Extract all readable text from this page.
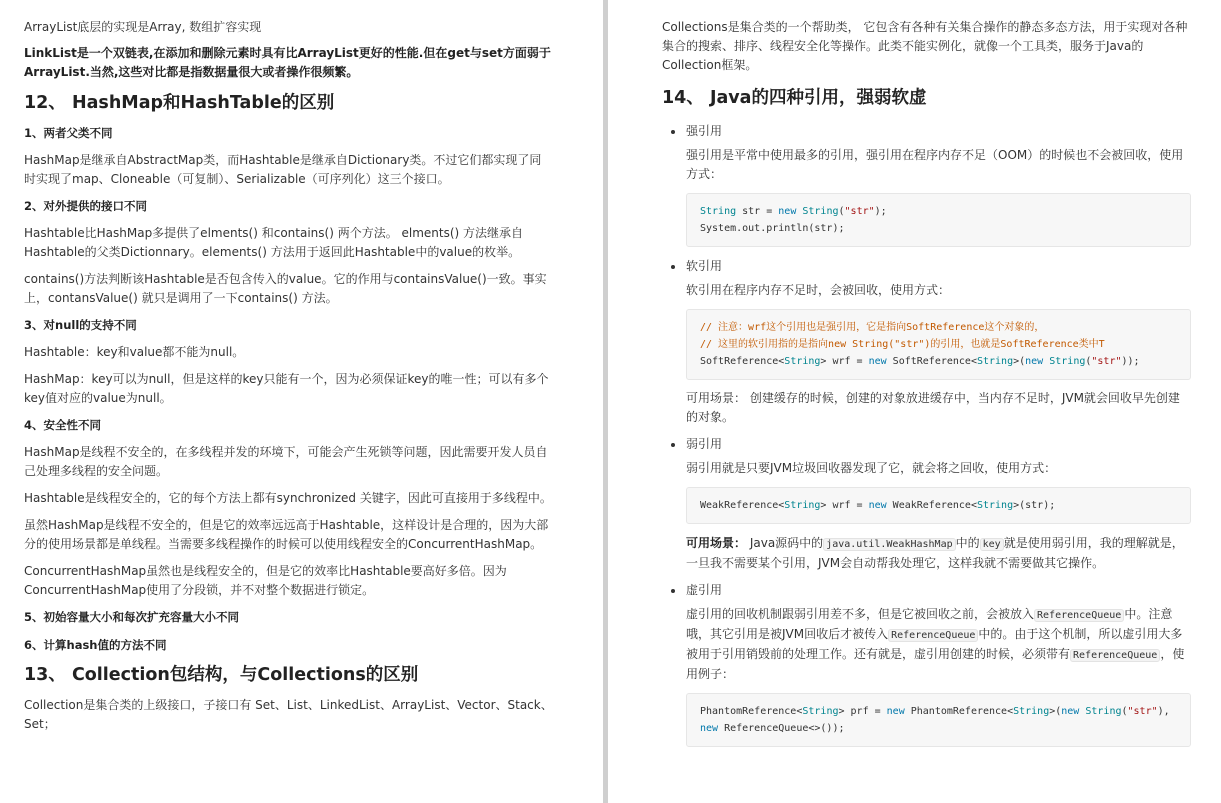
ArrayList底层的实现是Array, 数组扩容实现

LinkList是一个双链表,在添加和删除元素时具有比ArrayList更好的性能.但在get与set方面弱于ArrayList.当然,这些对比都是指数据量很大或者操作很频繁。

12、 HashMap和HashTable的区别
1、两者父类不同

HashMap是继承自AbstractMap类，而Hashtable是继承自Dictionary类。不过它们都实现了同时实现了map、Cloneable（可复制）、Serializable（可序列化）这三个接口。

2、对外提供的接口不同

Hashtable比HashMap多提供了elments() 和contains() 两个方法。 elments() 方法继承自Hashtable的父类Dictionnary。elements() 方法用于返回此Hashtable中的value的枚举。

contains()方法判断该Hashtable是否包含传入的value。它的作用与containsValue()一致。事实上，contansValue() 就只是调用了一下contains() 方法。

3、对null的支持不同

Hashtable：key和value都不能为null。

HashMap：key可以为null，但是这样的key只能有一个，因为必须保证key的唯一性；可以有多个key值对应的value为null。

4、安全性不同

HashMap是线程不安全的，在多线程并发的环境下，可能会产生死锁等问题，因此需要开发人员自己处理多线程的安全问题。

Hashtable是线程安全的，它的每个方法上都有synchronized 关键字，因此可直接用于多线程中。

虽然HashMap是线程不安全的，但是它的效率远远高于Hashtable，这样设计是合理的，因为大部分的使用场景都是单线程。当需要多线程操作的时候可以使用线程安全的ConcurrentHashMap。

ConcurrentHashMap虽然也是线程安全的，但是它的效率比Hashtable要高好多倍。因为ConcurrentHashMap使用了分段锁，并不对整个数据进行锁定。

5、初始容量大小和每次扩充容量大小不同
6、计算hash值的方法不同
13、 Collection包结构，与Collections的区别

Collection是集合类的上级接口，子接口有 Set、List、LinkedList、ArrayList、Vector、Stack、Set；

Collections是集合类的一个帮助类， 它包含有各种有关集合操作的静态多态方法，用于实现对各种集合的搜索、排序、线程安全化等操作。此类不能实例化，就像一个工具类，服务于Java的Collection框架。

14、 Java的四种引用，强弱软虚
强引用

强引用是平常中使用最多的引用，强引用在程序内存不足（OOM）的时候也不会被回收，使用方式：

String str = new String("str");
System.out.println(str);
软引用

软引用在程序内存不足时，会被回收，使用方式：

// 注意：wrf这个引用也是强引用，它是指向SoftReference这个对象的，
// 这里的软引用指的是指向new String("str")的引用，也就是SoftReference类中T
SoftReference<String> wrf = new SoftReference<String>(new String("str"));

可用场景： 创建缓存的时候，创建的对象放进缓存中，当内存不足时，JVM就会回收早先创建的对象。

弱引用

弱引用就是只要JVM垃圾回收器发现了它，就会将之回收，使用方式：

WeakReference<String> wrf = new WeakReference<String>(str);

可用场景： Java源码中的 java.util.WeakHashMap 中的 key 就是使用弱引用，我的理解就是，一旦我不需要某个引用，JVM会自动帮我处理它，这样我就不需要做其它操作。

虚引用

虚引用的回收机制跟弱引用差不多，但是它被回收之前，会被放入 ReferenceQueue 中。注意哦，其它引用是被JVM回收后才被传入 ReferenceQueue 中的。由于这个机制，所以虚引用大多被用于引用销毁前的处理工作。还有就是，虚引用创建的时候，必须带有 ReferenceQueue ，使用例子：

PhantomReference<String> prf = new PhantomReference<String>(new String("str"),
new ReferenceQueue<>());
